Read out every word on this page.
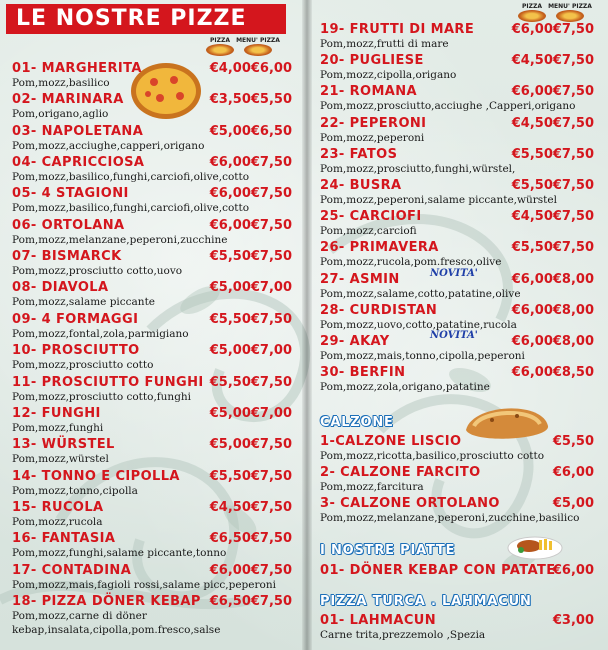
LE NOSTRE PIZZE
PIZZA MENU' PIZZA
01- MARGHERITA	€4,00€6,00
Pom,mozz,basilico
02- MARINARA	€3,50€5,50
Pom,origano,aglio
03- NAPOLETANA	€5,00€6,50
Pom,mozz,acciughe,capperi,origano
04- CAPRICCIOSA	€6,00€7,50
Pom,mozz,basilico,funghi,carciofi,olive,cotto
05- 4 STAGIONI	€6,00€7,50
Pom,mozz,basilico,funghi,carciofi,olive,cotto
06- ORTOLANA	€6,00€7,50
Pom,mozz,melanzane,peperoni,zucchine
07- BISMARCK	€5,50€7,50
Pom,mozz,prosciutto cotto,uovo
08- DIAVOLA	€5,00€7,00
Pom,mozz,salame piccante
09- 4 FORMAGGI	€5,50€7,50
Pom,mozz,fontal,zola,parmigiano
10- PROSCIUTTO	€5,00€7,00
Pom,mozz,prosciutto cotto
11- PROSCIUTTO FUNGHI €5,50€7,50
Pom,mozz,prosciutto cotto,funghi
12- FUNGHI	€5,00€7,00
Pom,mozz,funghi
13- WÜRSTEL	€5,00€7,50
Pom,mozz,würstel
14- TONNO E CIPOLLA €5,50€7,50
Pom,mozz,tonno,cipolla
15- RUCOLA	€4,50€7,50
Pom,mozz,rucola
16- FANTASIA	€6,50€7,50
Pom,mozz,funghi,salame piccante,tonno
17- CONTADINA	€6,00€7,50
Pom,mozz,mais,fagioli rossi,salame picc,peperoni
18- PIZZA DÖNER KEBAP €6,50€7,50
Pom,mozz,carne di döner
kebap,insalata,cipolla,pom.fresco,salse
PIZZA MENU' PIZZA
19- FRUTTI DI MARE	€6,00€7,50
Pom,mozz,frutti di mare
20- PUGLIESE	€4,50€7,50
Pom,mozz,cipolla,origano
21- ROMANA	€6,00€7,50
Pom,mozz,prosciutto,acciughe ,Capperi,origano
22- PEPERONI	€4,50€7,50
Pom,mozz,peperoni
23- FATOS	€5,50€7,50
Pom,mozz,prosciutto,funghi,würstel,
24- BUSRA	€5,50€7,50
Pom,mozz,peperoni,salame piccante,würstel
25- CARCIOFI	€4,50€7,50
Pom,mozz,carciofi
26- PRIMAVERA	€5,50€7,50
Pom,mozz,rucola,pom.fresco,olive
27- ASMIN	€6,00€8,00
Pom,mozz,salame,cotto,patatine,olive
NOVITA'
28- CURDISTAN	€6,00€8,00
Pom,mozz,uovo,cotto,patatine,rucola
29- AKAY	€6,00€8,00
Pom,mozz,mais,tonno,cipolla,peperoni
NOVITA'
30- BERFIN	€6,00€8,50
Pom,mozz,zola,origano,patatine
CALZONE
1-CALZONE LISCIO	€5,50
Pom,mozz,ricotta,basilico,prosciutto cotto
2- CALZONE FARCITO	€6,00
Pom,mozz,farcitura
3- CALZONE ORTOLANO	€5,00
Pom,mozz,melanzane,peperoni,zucchine,basilico
I NOSTRE PIATTE
01- DÖNER KEBAP CON PATATE
€6,00
PIZZA TURCA . LAHMACUN
01- LAHMACUN	€3,00
Carne trita,prezzemolo ,Spezia
